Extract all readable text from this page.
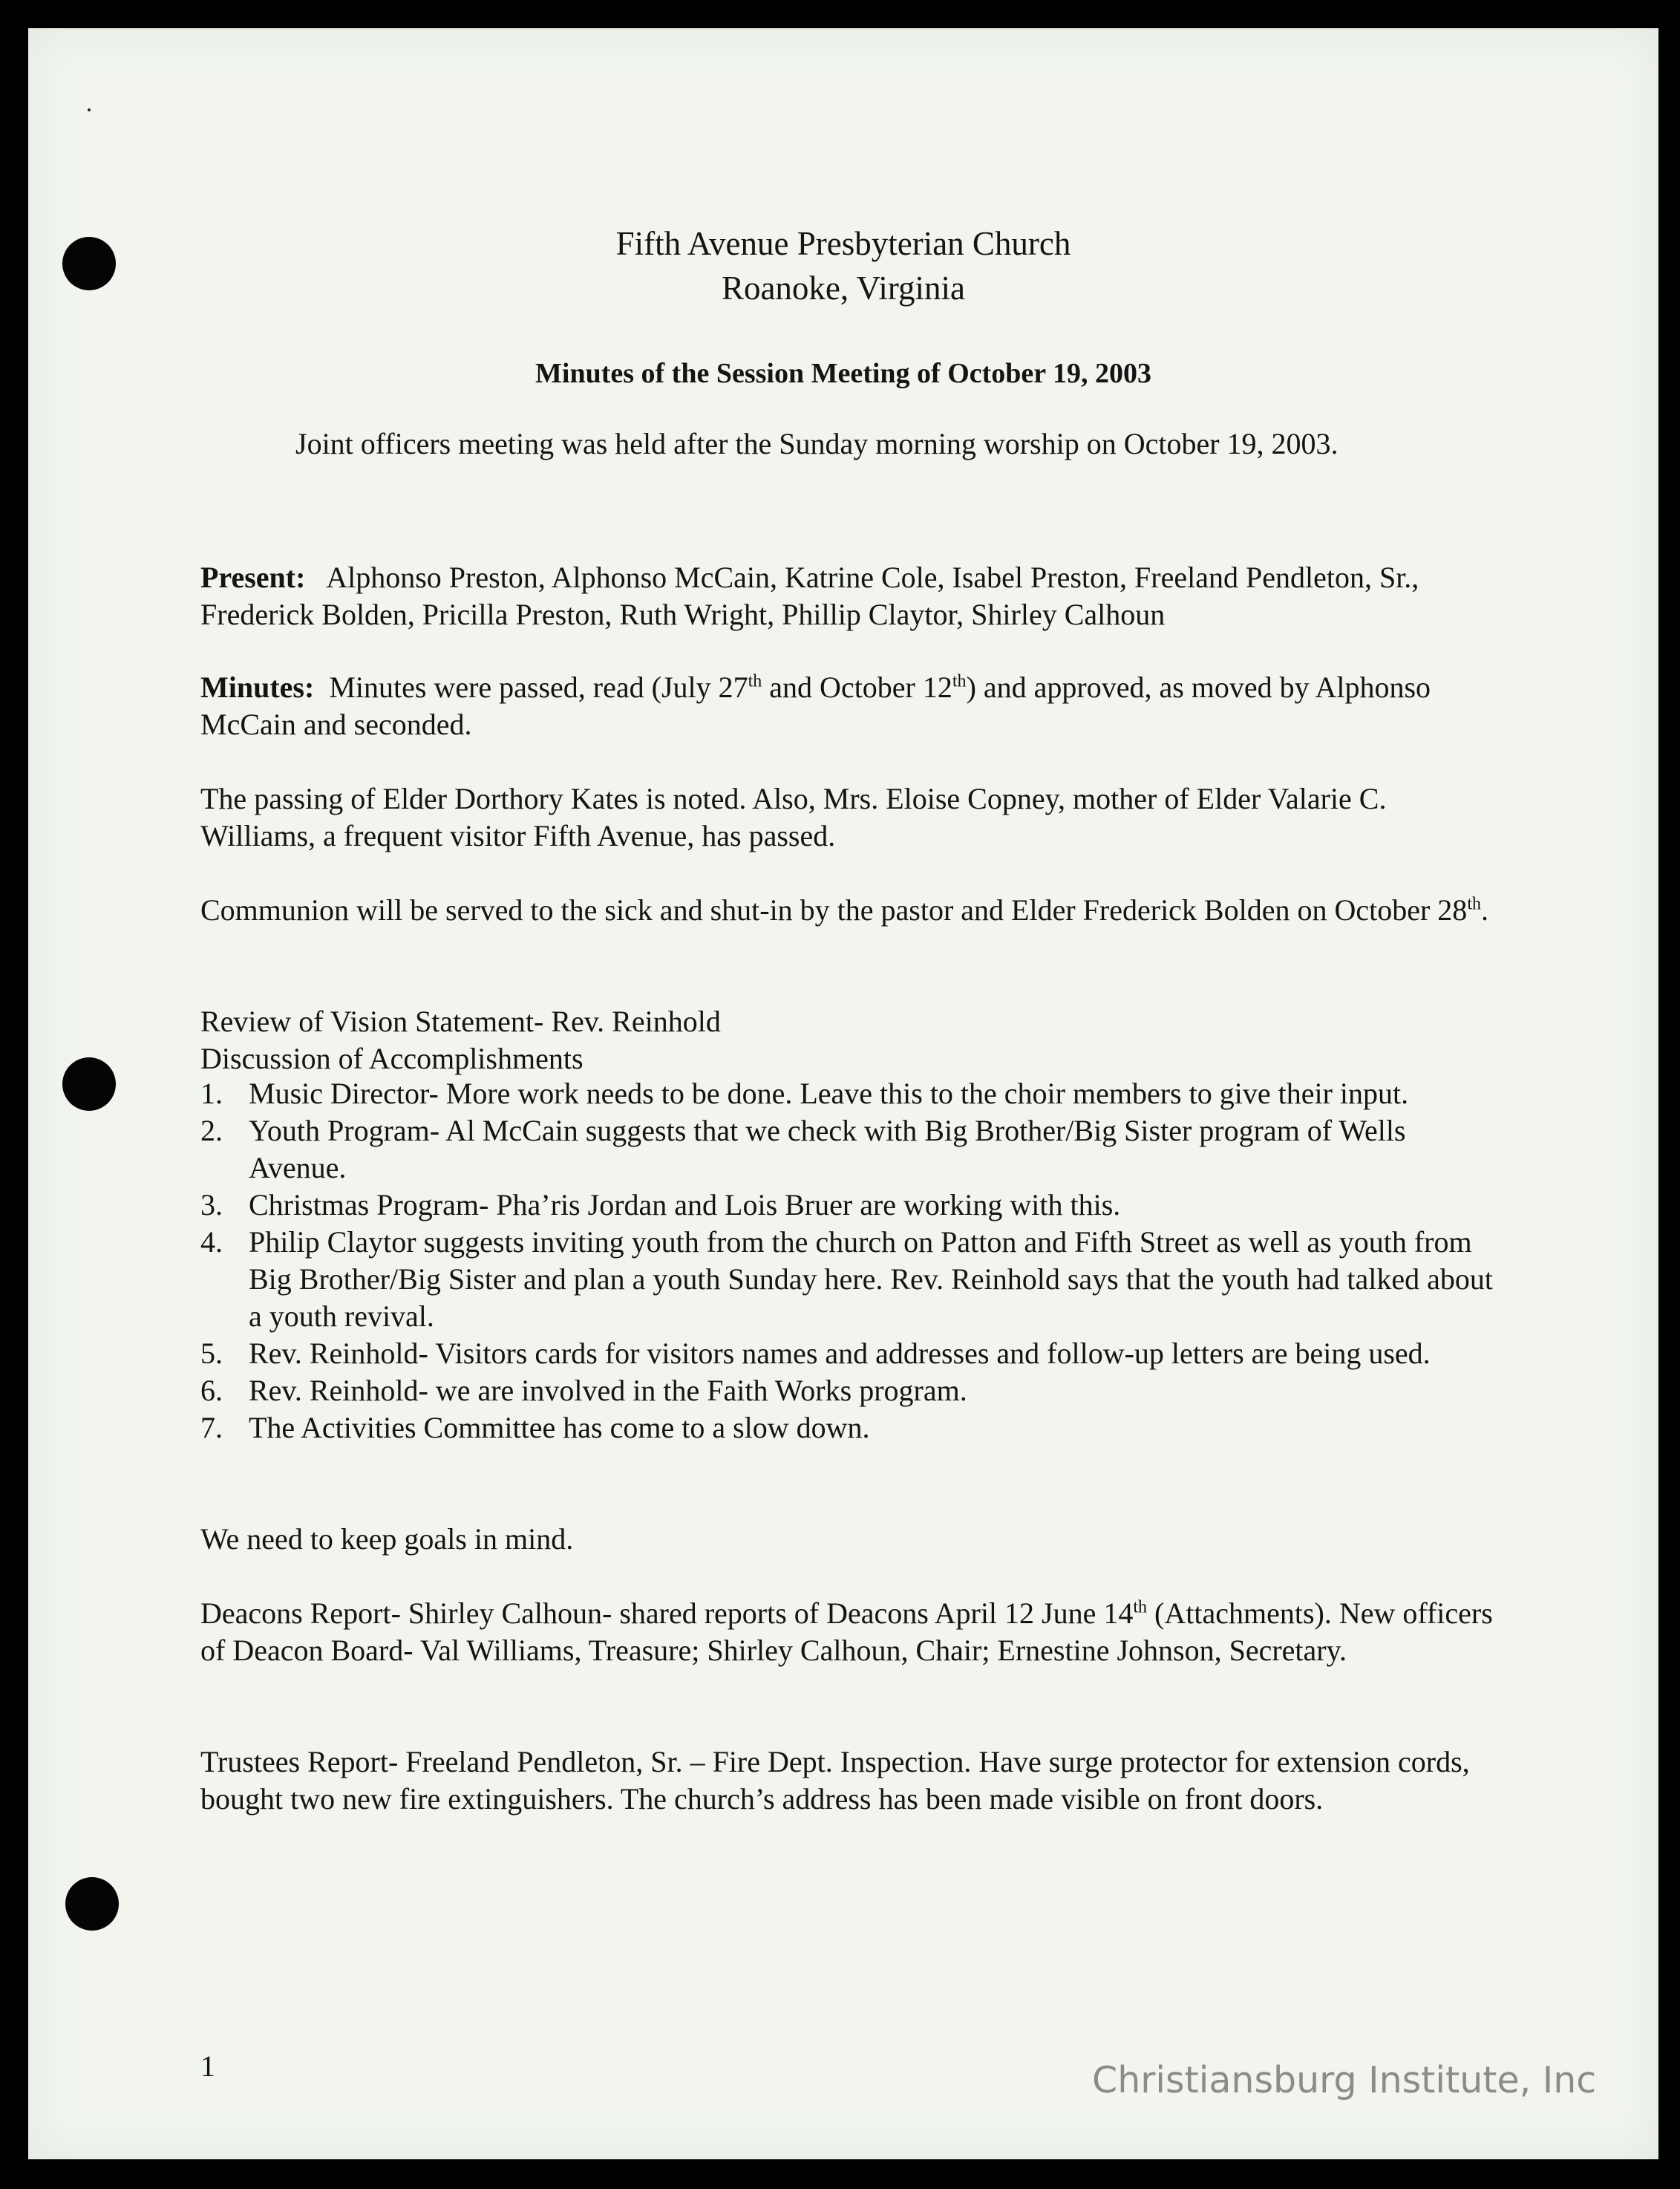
Fifth Avenue Presbyterian Church
Roanoke, Virginia
Minutes of the Session Meeting of October 19, 2003
Joint officers meeting was held after the Sunday morning worship on October 19, 2003.
Present: Alphonso Preston, Alphonso McCain, Katrine Cole, Isabel Preston, Freeland Pendleton, Sr., Frederick Bolden, Pricilla Preston, Ruth Wright, Phillip Claytor, Shirley Calhoun
Minutes: Minutes were passed, read (July 27th and October 12th) and approved, as moved by Alphonso McCain and seconded.
The passing of Elder Dorthory Kates is noted. Also, Mrs. Eloise Copney, mother of Elder Valarie C. Williams, a frequent visitor Fifth Avenue, has passed.
Communion will be served to the sick and shut-in by the pastor and Elder Frederick Bolden on October 28th.
Review of Vision Statement- Rev. Reinhold
Discussion of Accomplishments
1. Music Director- More work needs to be done. Leave this to the choir members to give their input.
2. Youth Program- Al McCain suggests that we check with Big Brother/Big Sister program of Wells Avenue.
3. Christmas Program- Pha’ris Jordan and Lois Bruer are working with this.
4. Philip Claytor suggests inviting youth from the church on Patton and Fifth Street as well as youth from Big Brother/Big Sister and plan a youth Sunday here. Rev. Reinhold says that the youth had talked about a youth revival.
5. Rev. Reinhold- Visitors cards for visitors names and addresses and follow-up letters are being used.
6. Rev. Reinhold- we are involved in the Faith Works program.
7. The Activities Committee has come to a slow down.
We need to keep goals in mind.
Deacons Report- Shirley Calhoun- shared reports of Deacons April 12 June 14th (Attachments). New officers of Deacon Board- Val Williams, Treasure; Shirley Calhoun, Chair; Ernestine Johnson, Secretary.
Trustees Report- Freeland Pendleton, Sr. – Fire Dept. Inspection. Have surge protector for extension cords, bought two new fire extinguishers. The church’s address has been made visible on front doors.
1	Christiansburg Institute, Inc
